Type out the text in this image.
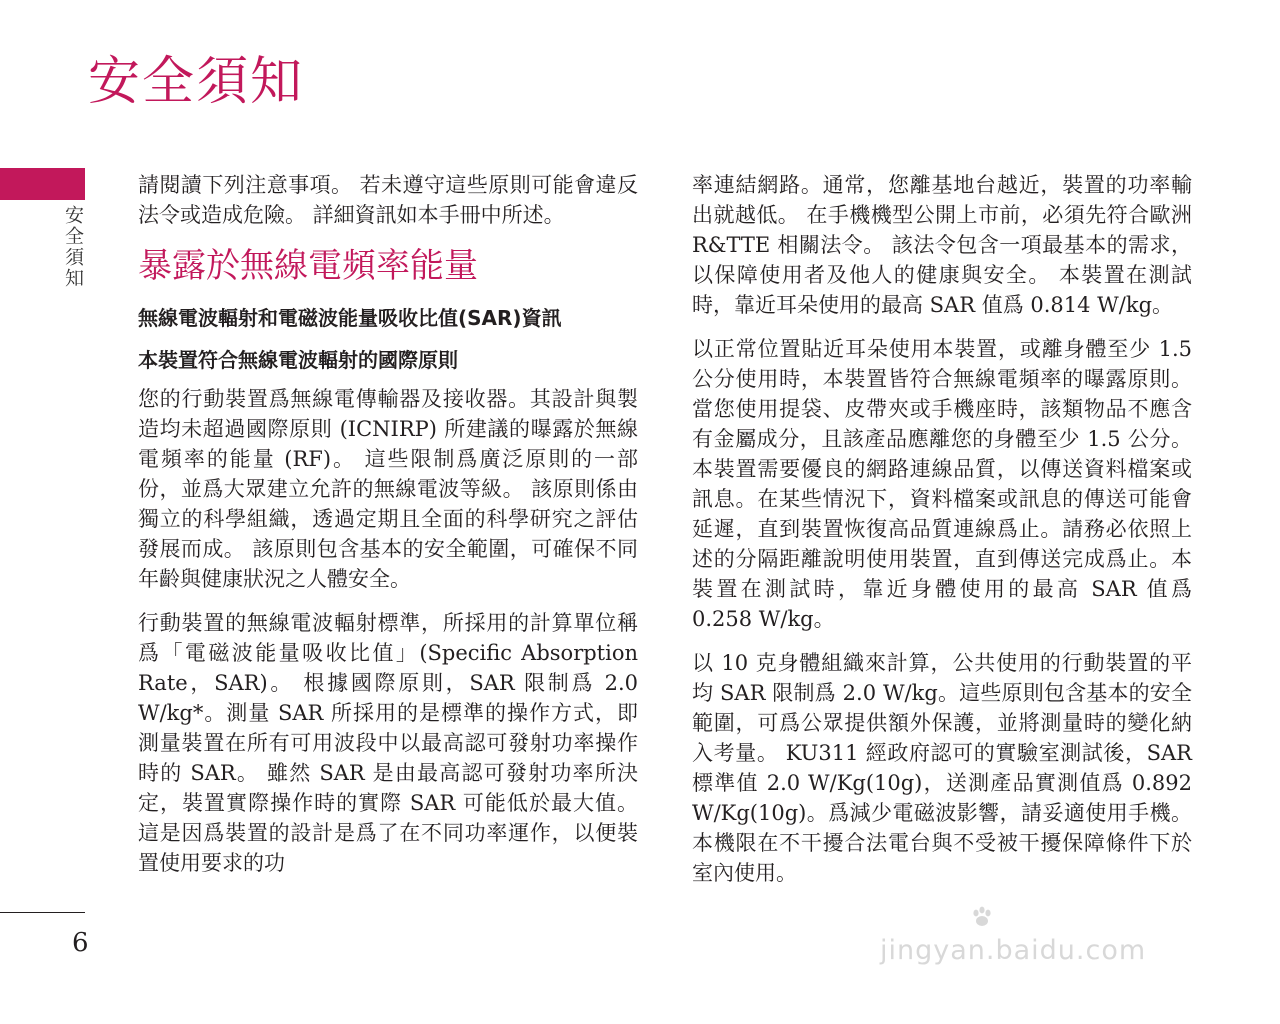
安全須知
安全須知

請閱讀下列注意事項。 若未遵守這些原則可能會違反法令或造成危險。 詳細資訊如本手冊中所述。

暴露於無線電頻率能量
無線電波輻射和電磁波能量吸收比值(SAR)資訊
本裝置符合無線電波輻射的國際原則

您的行動裝置爲無線電傳輸器及接收器。其設計與製造均未超過國際原則 (ICNIRP) 所建議的曝露於無線電頻率的能量 (RF)。 這些限制爲廣泛原則的一部份，並爲大眾建立允許的無線電波等級。 該原則係由獨立的科學組織，透過定期且全面的科學研究之評估發展而成。 該原則包含基本的安全範圍，可確保不同年齡與健康狀況之人體安全。

行動裝置的無線電波輻射標準，所採用的計算單位稱爲「電磁波能量吸收比值」(Specific Absorption Rate，SAR)。 根據國際原則，SAR 限制爲 2.0 W/kg*。測量 SAR 所採用的是標準的操作方式，即測量裝置在所有可用波段中以最高認可發射功率操作時的 SAR。 雖然 SAR 是由最高認可發射功率所決定，裝置實際操作時的實際 SAR 可能低於最大值。 這是因爲裝置的設計是爲了在不同功率運作，以便裝置使用要求的功

率連結網路。通常，您離基地台越近，裝置的功率輸出就越低。 在手機機型公開上市前，必須先符合歐洲 R&TTE 相關法令。 該法令包含一項最基本的需求，以保障使用者及他人的健康與安全。 本裝置在測試時，靠近耳朵使用的最高 SAR 值爲 0.814 W/kg。

以正常位置貼近耳朵使用本裝置，或離身體至少 1.5 公分使用時，本裝置皆符合無線電頻率的曝露原則。 當您使用提袋、皮帶夾或手機座時，該類物品不應含有金屬成分，且該產品應離您的身體至少 1.5 公分。 本裝置需要優良的網路連線品質，以傳送資料檔案或訊息。在某些情況下，資料檔案或訊息的傳送可能會延遲，直到裝置恢復高品質連線爲止。請務必依照上述的分隔距離說明使用裝置，直到傳送完成爲止。本裝置在測試時，靠近身體使用的最高 SAR 值爲 0.258 W/kg。

以 10 克身體組織來計算，公共使用的行動裝置的平均 SAR 限制爲 2.0 W/kg。這些原則包含基本的安全範圍，可爲公眾提供額外保護，並將測量時的變化納入考量。 KU311 經政府認可的實驗室測試後，SAR 標準值 2.0 W/Kg(10g)，送測產品實測值爲 0.892 W/Kg(10g)。爲減少電磁波影響，請妥適使用手機。本機限在不干擾合法電台與不受被干擾保障條件下於室內使用。

6	jingyan.baidu.com
